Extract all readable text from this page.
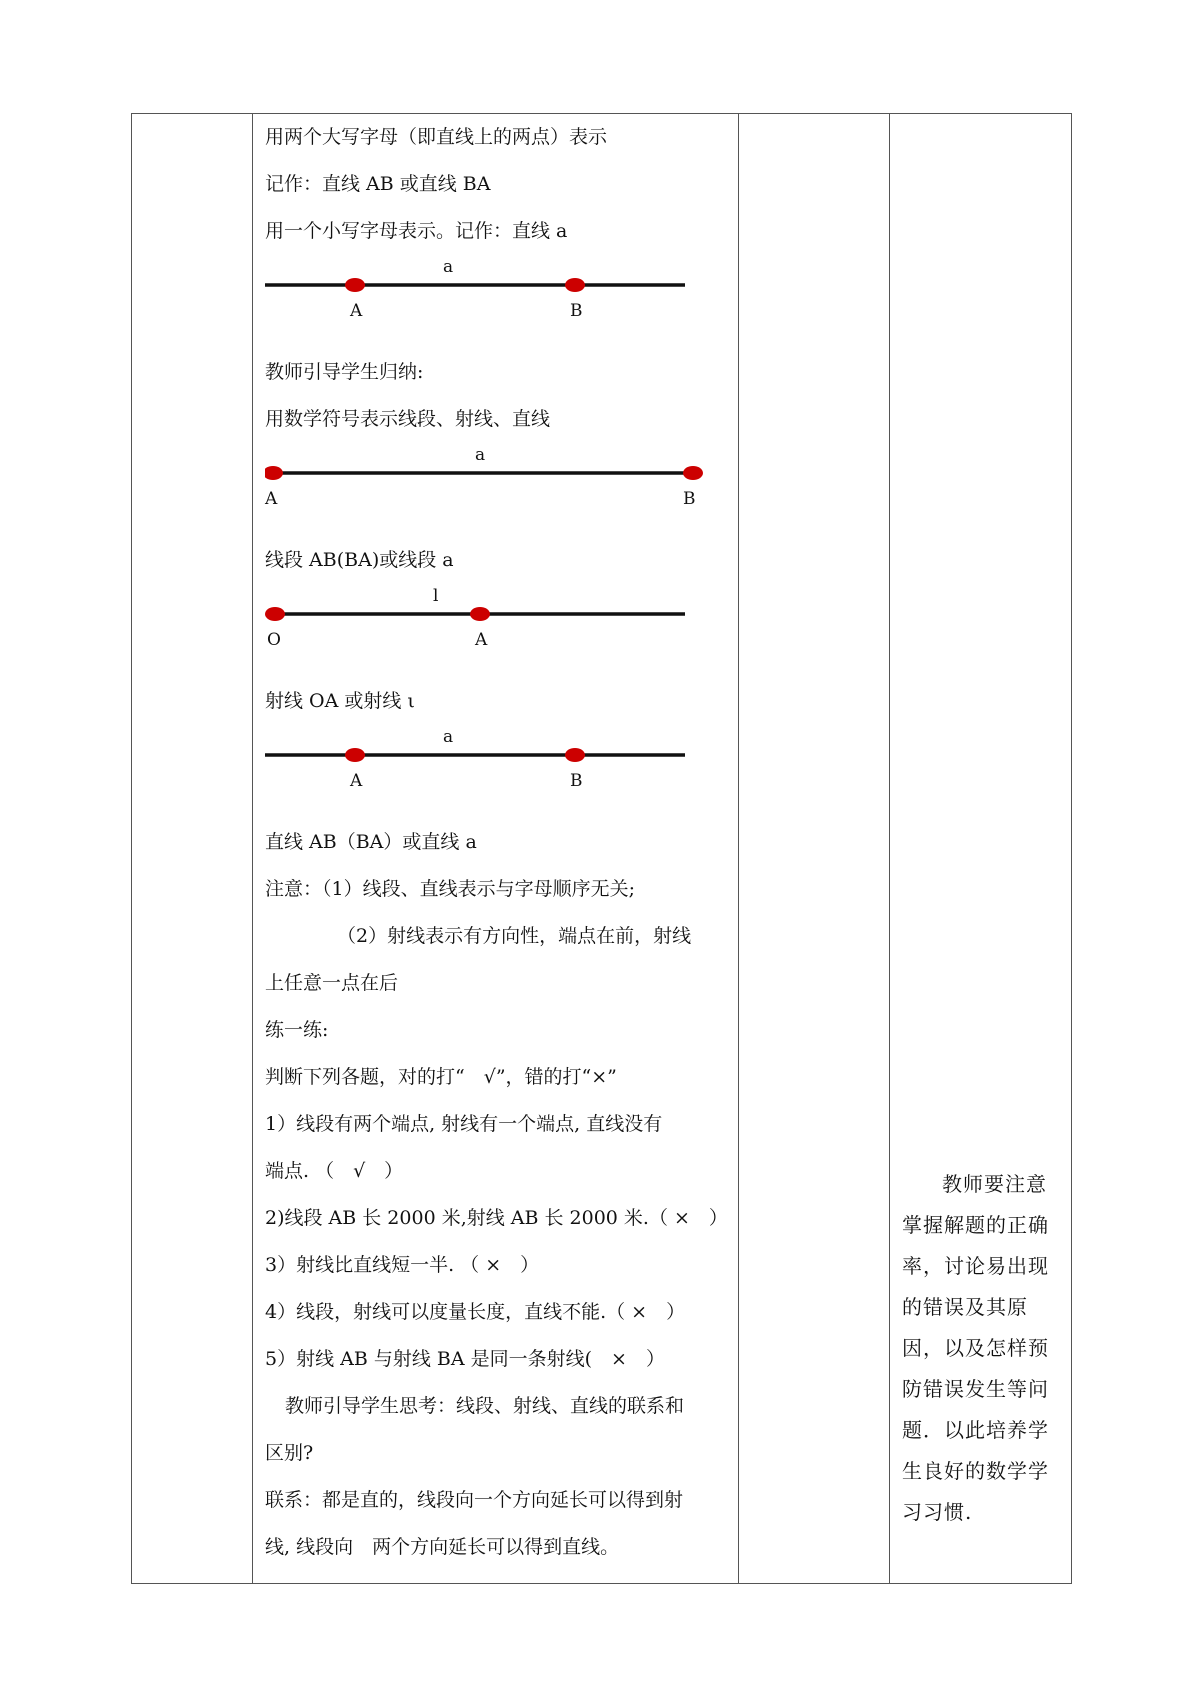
用两个大写字母（即直线上的两点）表示
记作：直线 AB 或直线 BA
用一个小写字母表示。记作：直线 a
a
A	B
教师引导学生归纳:
用数学符号表示线段、射线、直线
a
A	B
线段 AB(BA)或线段 a
l
O	A
射线 OA 或射线 ι
a
A	B
直线 AB（BA）或直线 a
注意：（1）线段、直线表示与字母顺序无关;
（2）射线表示有方向性，端点在前，射线
上任意一点在后
练一练:
判断下列各题，对的打“　√”，错的打“×”
1）线段有两个端点, 射线有一个端点, 直线没有
端点. （　√　）
2)线段 AB 长 2000 米,射线 AB 长 2000 米.（ ×　）
3）射线比直线短一半. （ ×　）
4）线段，射线可以度量长度，直线不能.（ ×　）
5）射线 AB 与射线 BA 是同一条射线(　×　）
教师引导学生思考：线段、射线、直线的联系和
区别?
联系：都是直的，线段向一个方向延长可以得到射
线, 线段向　两个方向延长可以得到直线。

教师要注意掌握解题的正确率，讨论易出现的错误及其原因，以及怎样预防错误发生等问题．以此培养学生良好的数学学习习惯.
